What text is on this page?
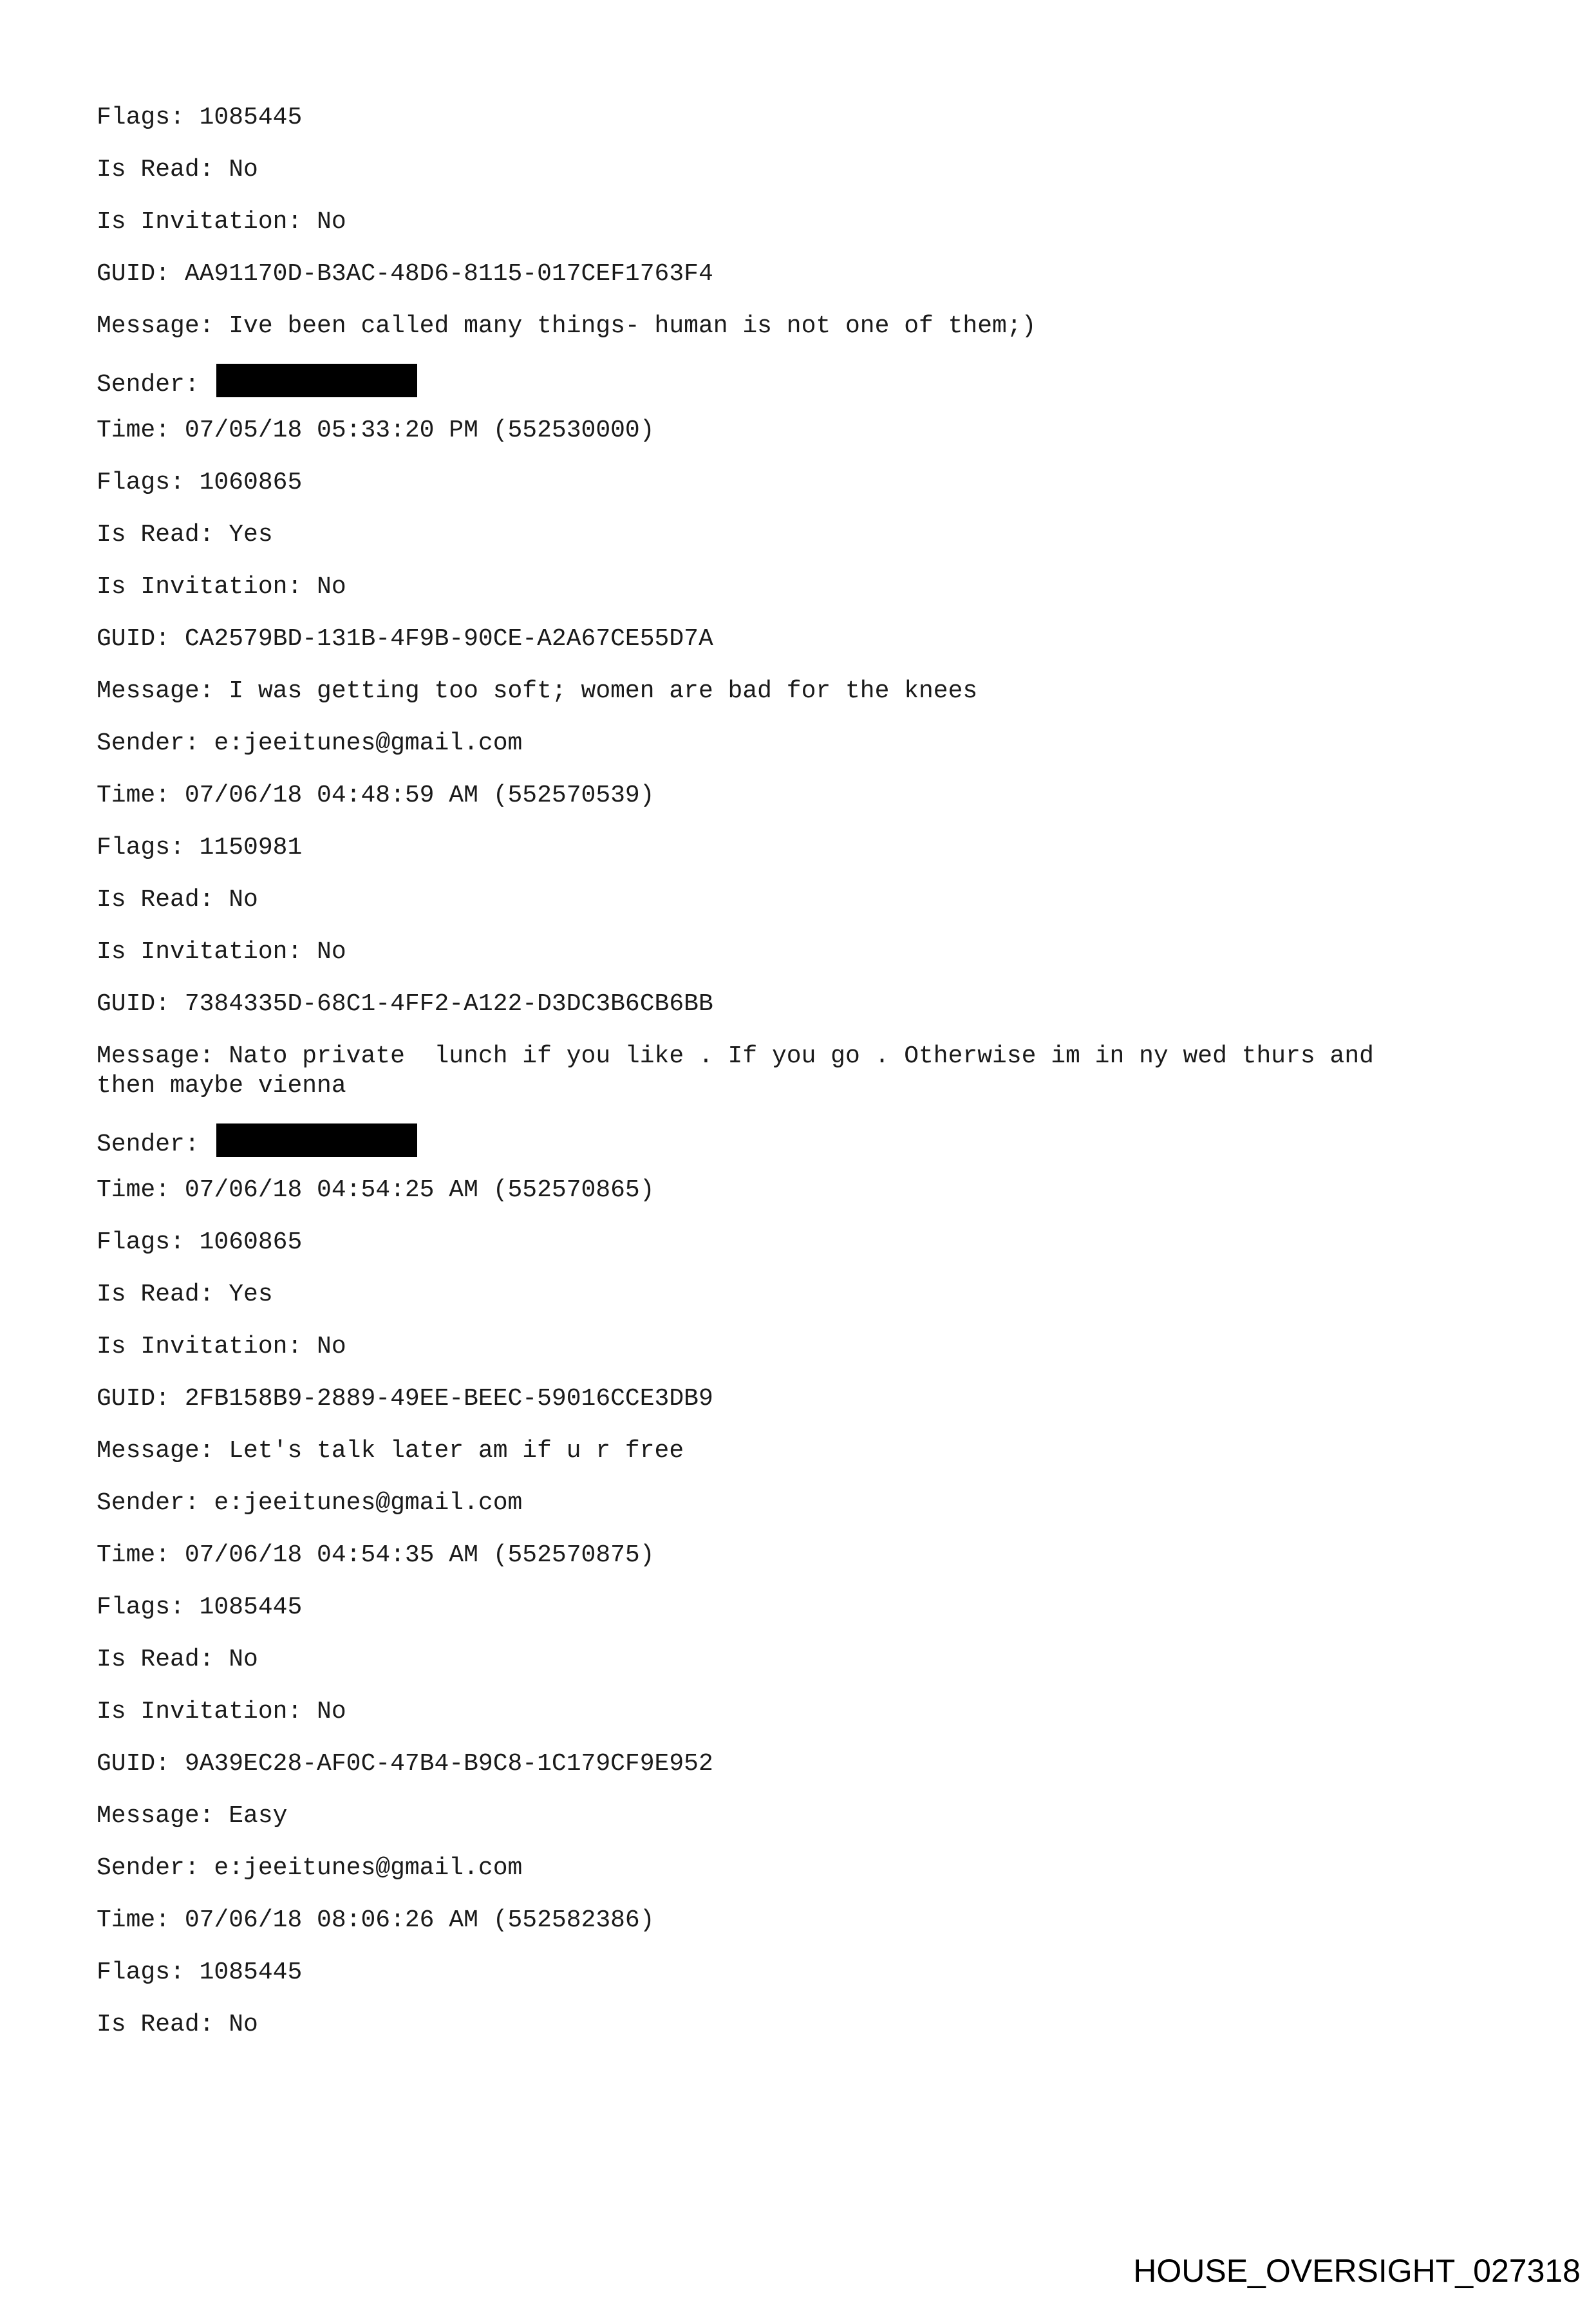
Flags: 1085445
Is Read: No
Is Invitation: No
GUID: AA91170D-B3AC-48D6-8115-017CEF1763F4
Message: Ive been called many things- human is not one of them;)
Sender:
Time: 07/05/18 05:33:20 PM (552530000)
Flags: 1060865
Is Read: Yes
Is Invitation: No
GUID: CA2579BD-131B-4F9B-90CE-A2A67CE55D7A
Message: I was getting too soft; women are bad for the knees
Sender: e:jeeitunes@gmail.com
Time: 07/06/18 04:48:59 AM (552570539)
Flags: 1150981
Is Read: No
Is Invitation: No
GUID: 7384335D-68C1-4FF2-A122-D3DC3B6CB6BB
Message: Nato private  lunch if you like . If you go . Otherwise im in ny wed thurs and
then maybe vienna
Sender:
Time: 07/06/18 04:54:25 AM (552570865)
Flags: 1060865
Is Read: Yes
Is Invitation: No
GUID: 2FB158B9-2889-49EE-BEEC-59016CCE3DB9
Message: Let's talk later am if u r free
Sender: e:jeeitunes@gmail.com
Time: 07/06/18 04:54:35 AM (552570875)
Flags: 1085445
Is Read: No
Is Invitation: No
GUID: 9A39EC28-AF0C-47B4-B9C8-1C179CF9E952
Message: Easy
Sender: e:jeeitunes@gmail.com
Time: 07/06/18 08:06:26 AM (552582386)
Flags: 1085445
Is Read: No
HOUSE_OVERSIGHT_027318
